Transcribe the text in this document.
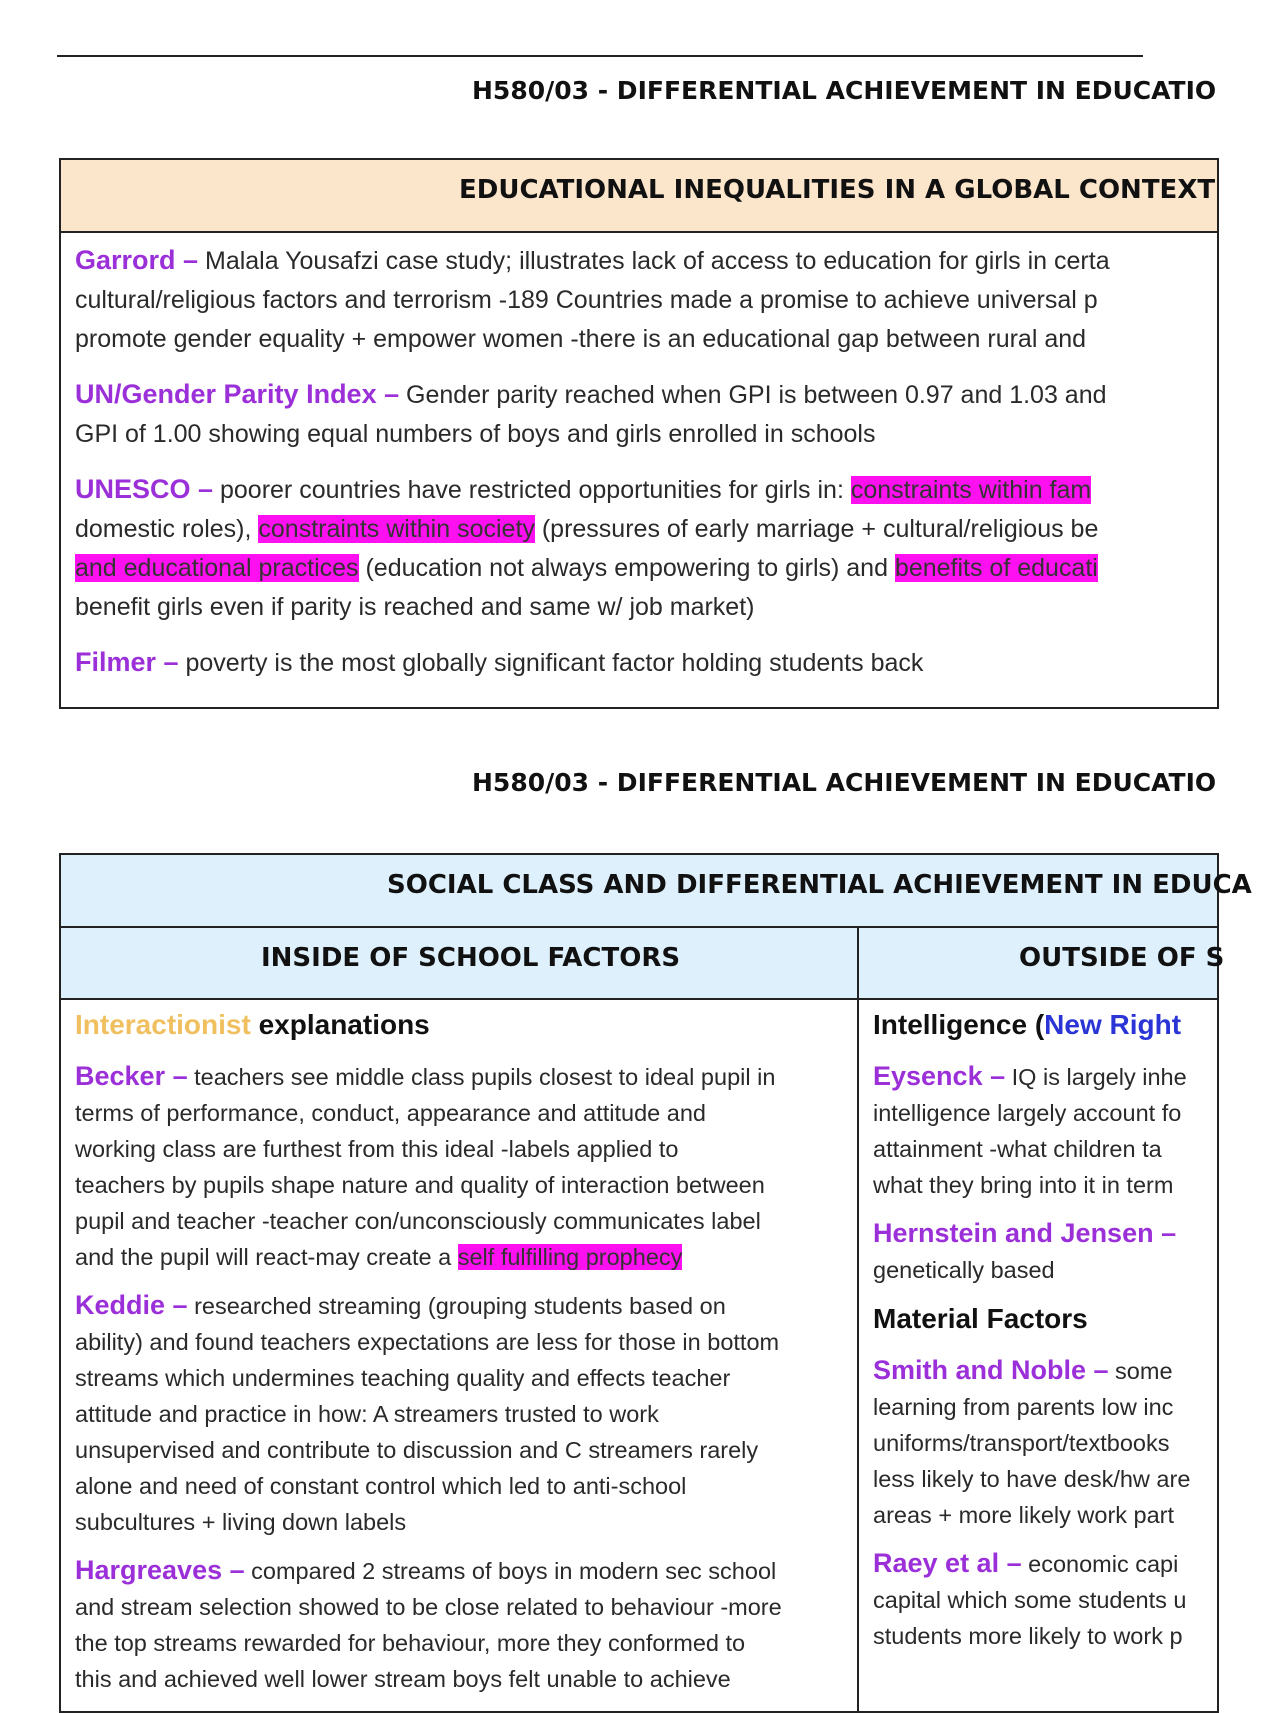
H580/03 - DIFFERENTIAL ACHIEVEMENT IN EDUCATIO
EDUCATIONAL INEQUALITIES IN A GLOBAL CONTEXT

Garrord – Malala Yousafzi case study; illustrates lack of access to education for girls in certa
cultural/religious factors and terrorism -189 Countries made a promise to achieve universal p
promote gender equality + empower women -there is an educational gap between rural and

UN/Gender Parity Index – Gender parity reached when GPI is between 0.97 and 1.03 and
GPI of 1.00 showing equal numbers of boys and girls enrolled in schools

UNESCO – poorer countries have restricted opportunities for girls in: constraints within fam
domestic roles), constraints within society (pressures of early marriage + cultural/religious be
and educational practices (education not always empowering to girls) and benefits of educati
benefit girls even if parity is reached and same w/ job market)

Filmer – poverty is the most globally significant factor holding students back

H580/03 - DIFFERENTIAL ACHIEVEMENT IN EDUCATIO
SOCIAL CLASS AND DIFFERENTIAL ACHIEVEMENT IN EDUCA
INSIDE OF SCHOOL FACTORS	OUTSIDE OF S
Interactionist explanations

Becker – teachers see middle class pupils closest to ideal pupil in
terms of performance, conduct, appearance and attitude and
working class are furthest from this ideal -labels applied to
teachers by pupils shape nature and quality of interaction between
pupil and teacher -teacher con/unconsciously communicates label
and the pupil will react-may create a self fulfilling prophecy

Keddie – researched streaming (grouping students based on
ability) and found teachers expectations are less for those in bottom
streams which undermines teaching quality and effects teacher
attitude and practice in how: A streamers trusted to work
unsupervised and contribute to discussion and C streamers rarely
alone and need of constant control which led to anti-school
subcultures + living down labels

Hargreaves – compared 2 streams of boys in modern sec school
and stream selection showed to be close related to behaviour -more
the top streams rewarded for behaviour, more they conformed to
this and achieved well lower stream boys felt unable to achieve

Intelligence (New Right

Eysenck – IQ is largely inhe
intelligence largely account fo
attainment -what children ta
what they bring into it in term

Hernstein and Jensen –
genetically based

Material Factors

Smith and Noble – some
learning from parents low inc
uniforms/transport/textbooks
less likely to have desk/hw are
areas + more likely work part

Raey et al – economic capi
capital which some students u
students more likely to work p
